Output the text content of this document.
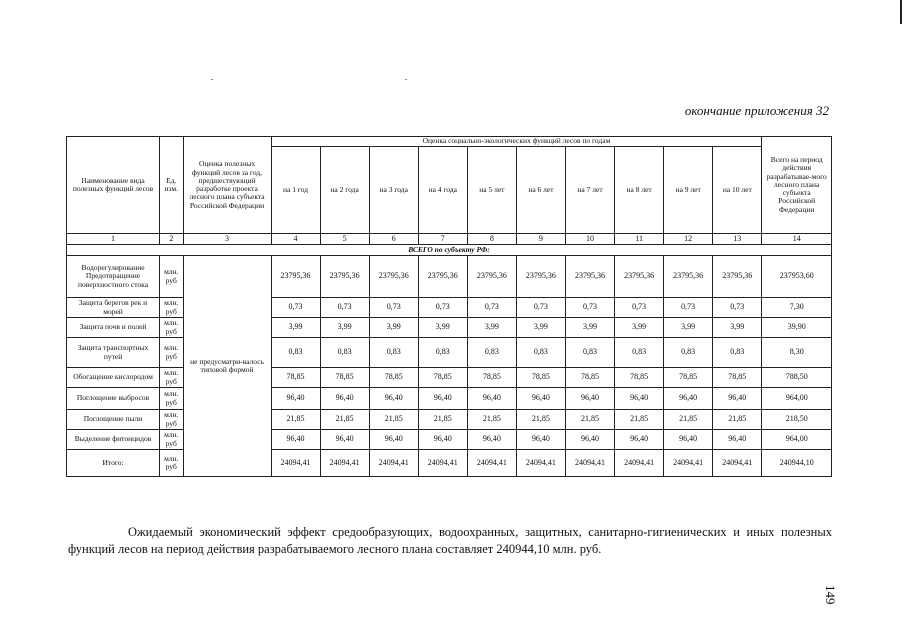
окончание приложения 32
Наименование вида полезных функций лесов	Ед. изм.	Оценка полезных функций лесов за год, предшествующий разработке проекта лесного плана субъекта Российской Федерации	Оценка социально-экологических функций лесов по годам										Всего на период действия разрабатывае-мого лесного плана субъекта Российской Федерации
			на 1 год	на 2 года	на 3 года	на 4 года	на 5 лет	на 6 лет	на 7 лет	на 8 лет	на 9 лет	на 10 лет	
1	2	3	4	5	6	7	8	9	10	11	12	13	14
ВСЕГО по субъекту РФ:													
Водорегулирование Предотвращение поверхностного стока	млн. руб	не предусматри-валось типовой формой	23795,36	23795,36	23795,36	23795,36	23795,36	23795,36	23795,36	23795,36	23795,36	23795,36	237953,60
Защита берегов рек и морей	млн. руб		0,73	0,73	0,73	0,73	0,73	0,73	0,73	0,73	0,73	0,73	7,30
Защита почв и полей	млн. руб		3,99	3,99	3,99	3,99	3,99	3,99	3,99	3,99	3,99	3,99	39,90
Защита транспортных путей	млн. руб		0,83	0,83	0,83	0,83	0,83	0,83	0,83	0,83	0,83	0,83	8,30
Обогащение кислородом	млн. руб		78,85	78,85	78,85	78,85	78,85	78,85	78,85	78,85	78,85	78,85	788,50
Поглощение выбросов	млн. руб		96,40	96,40	96,40	96,40	96,40	96,40	96,40	96,40	96,40	96,40	964,00
Поглощение пыли	млн. руб		21,85	21,85	21,85	21,85	21,85	21,85	21,85	21,85	21,85	21,85	218,50
Выделение фитонцидов	млн. руб		96,40	96,40	96,40	96,40	96,40	96,40	96,40	96,40	96,40	96,40	964,00
Итого:	млн. руб		24094,41	24094,41	24094,41	24094,41	24094,41	24094,41	24094,41	24094,41	24094,41	24094,41	240944,10
Ожидаемый экономический эффект средообразующих, водоохранных, защитных, санитарно-гигиенических и иных полезных функций лесов на период действия разрабатываемого лесного плана составляет 240944,10 млн. руб.
149
